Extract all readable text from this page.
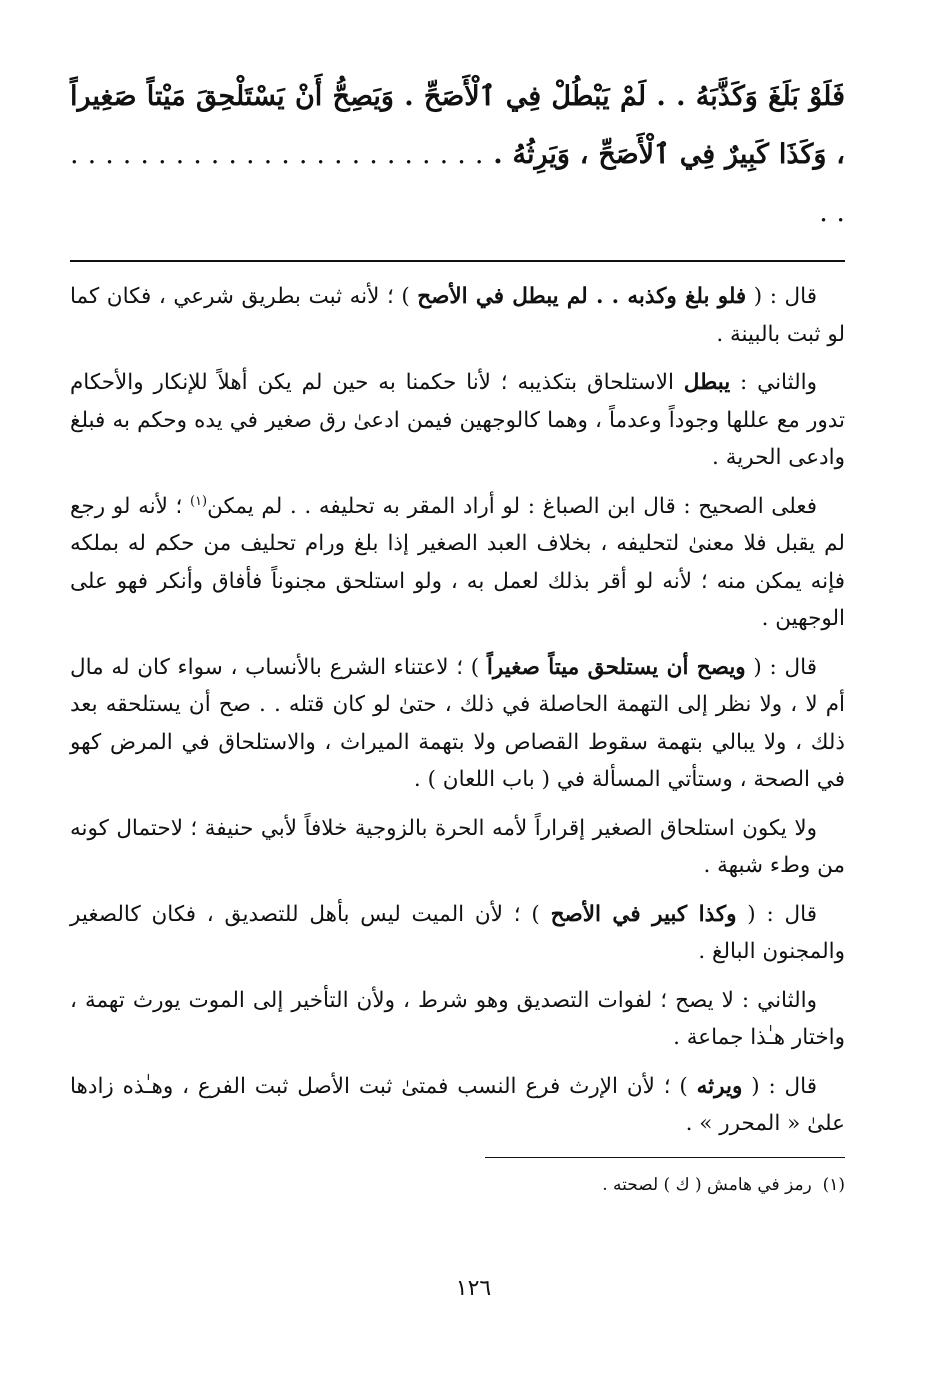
فَلَوْ بَلَغَ وَكَذَّبَهُ . . لَمْ يَبْطُلْ فِي ٱلْأَصَحِّ . وَيَصِحُّ أَنْ يَسْتَلْحِقَ مَيْتاً صَغِيراً ، وَكَذَا كَبِيرٌ فِي ٱلْأَصَحِّ ، وَيَرِثُهُ . . . . . . . . . . . . . . . . . . . . . . . . . . .

قال : ( فلو بلغ وكذبه . . لم يبطل في الأصح ) ؛ لأنه ثبت بطريق شرعي ، فكان كما لو ثبت بالبينة .

والثاني : يبطل الاستلحاق بتكذيبه ؛ لأنا حكمنا به حين لم يكن أهلاً للإنكار والأحكام تدور مع عللها وجوداً وعدماً ، وهما كالوجهين فيمن ادعىٰ رق صغير في يده وحكم به فبلغ وادعى الحرية .

فعلى الصحيح : قال ابن الصباغ : لو أراد المقر به تحليفه . . لم يمكن$^{(١)}$ ؛ لأنه لو رجع لم يقبل فلا معنىٰ لتحليفه ، بخلاف العبد الصغير إذا بلغ ورام تحليف من حكم له بملكه فإنه يمكن منه ؛ لأنه لو أقر بذلك لعمل به ، ولو استلحق مجنوناً فأفاق وأنكر فهو على الوجهين .

قال : ( ويصح أن يستلحق ميتاً صغيراً ) ؛ لاعتناء الشرع بالأنساب ، سواء كان له مال أم لا ، ولا نظر إلى التهمة الحاصلة في ذلك ، حتىٰ لو كان قتله . . صح أن يستلحقه بعد ذلك ، ولا يبالي بتهمة سقوط القصاص ولا بتهمة الميراث ، والاستلحاق في المرض كهو في الصحة ، وستأتي المسألة في ( باب اللعان ) .

ولا يكون استلحاق الصغير إقراراً لأمه الحرة بالزوجية خلافاً لأبي حنيفة ؛ لاحتمال كونه من وطء شبهة .

قال : ( وكذا كبير في الأصح ) ؛ لأن الميت ليس بأهل للتصديق ، فكان كالصغير والمجنون البالغ .

والثاني : لا يصح ؛ لفوات التصديق وهو شرط ، ولأن التأخير إلى الموت يورث تهمة ، واختار هـٰذا جماعة .

قال : ( ويرثه ) ؛ لأن الإرث فرع النسب فمتىٰ ثبت الأصل ثبت الفرع ، وهـٰذه زادها علىٰ « المحرر » .

(١)  رمز في هامش ( ك ) لصحته .

١٢٦
